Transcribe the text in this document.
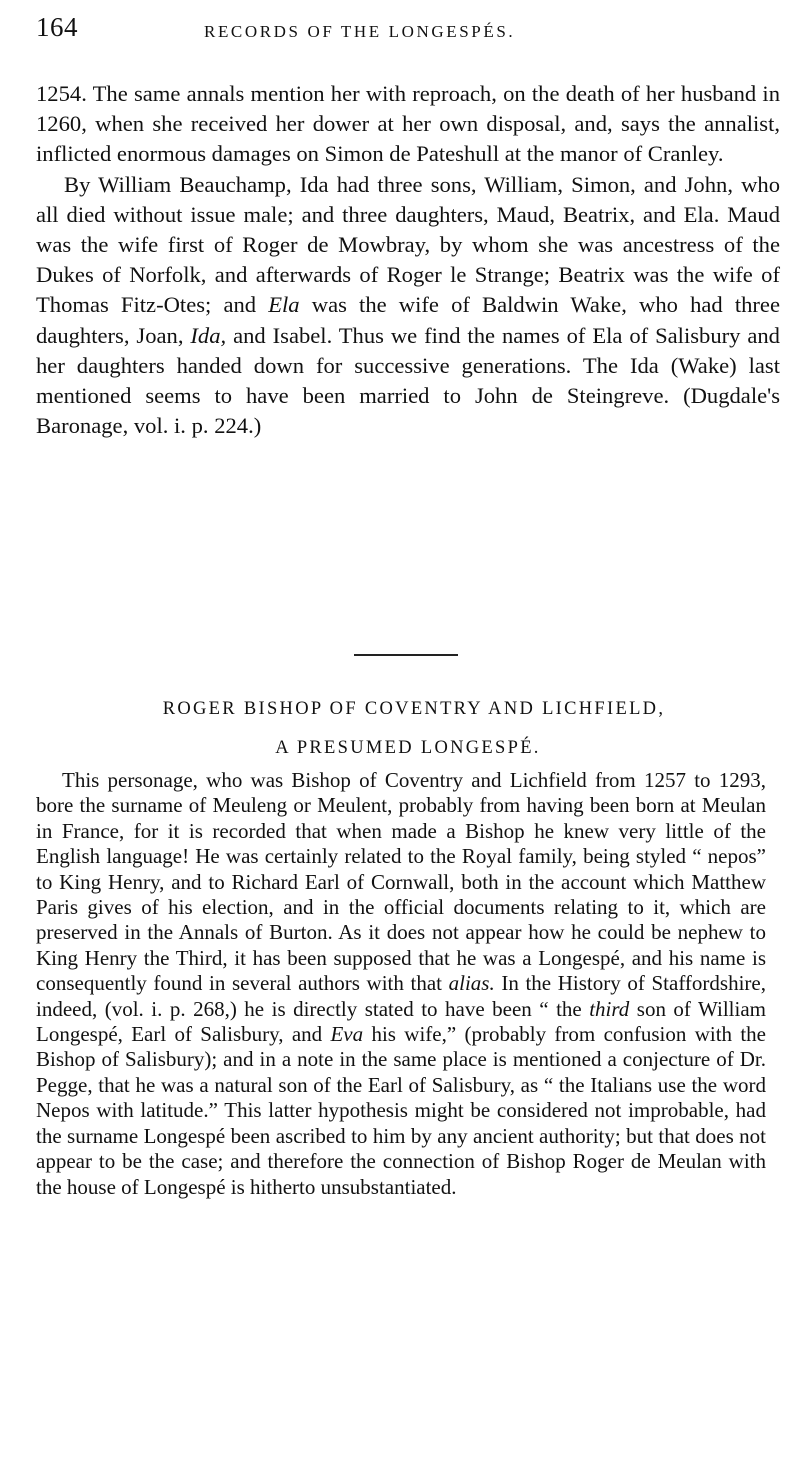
164	RECORDS OF THE LONGESPÉS.

1254. The same annals mention her with reproach, on the death of her husband in 1260, when she received her dower at her own disposal, and, says the annalist, inflicted enormous damages on Simon de Pateshull at the manor of Cranley.

By William Beauchamp, Ida had three sons, William, Simon, and John, who all died without issue male; and three daughters, Maud, Beatrix, and Ela. Maud was the wife first of Roger de Mowbray, by whom she was ancestress of the Dukes of Norfolk, and afterwards of Roger le Strange; Beatrix was the wife of Thomas Fitz-Otes; and Ela was the wife of Baldwin Wake, who had three daughters, Joan, Ida, and Isabel. Thus we find the names of Ela of Salisbury and her daughters handed down for successive generations. The Ida (Wake) last mentioned seems to have been married to John de Steingreve. (Dugdale's Baronage, vol. i. p. 224.)

ROGER BISHOP OF COVENTRY AND LICHFIELD,
A PRESUMED LONGESPÉ.

This personage, who was Bishop of Coventry and Lichfield from 1257 to 1293, bore the surname of Meuleng or Meulent, probably from having been born at Meulan in France, for it is recorded that when made a Bishop he knew very little of the English language! He was certainly related to the Royal family, being styled “ nepos” to King Henry, and to Richard Earl of Cornwall, both in the account which Matthew Paris gives of his election, and in the official documents relating to it, which are preserved in the Annals of Burton. As it does not appear how he could be nephew to King Henry the Third, it has been supposed that he was a Longespé, and his name is consequently found in several authors with that alias. In the History of Staffordshire, indeed, (vol. i. p. 268,) he is directly stated to have been “ the third son of William Longespé, Earl of Salisbury, and Eva his wife,” (probably from confusion with the Bishop of Salisbury); and in a note in the same place is mentioned a conjecture of Dr. Pegge, that he was a natural son of the Earl of Salisbury, as “ the Italians use the word Nepos with latitude.” This latter hypothesis might be considered not improbable, had the surname Longespé been ascribed to him by any ancient authority; but that does not appear to be the case; and therefore the connection of Bishop Roger de Meulan with the house of Longespé is hitherto unsubstantiated.
